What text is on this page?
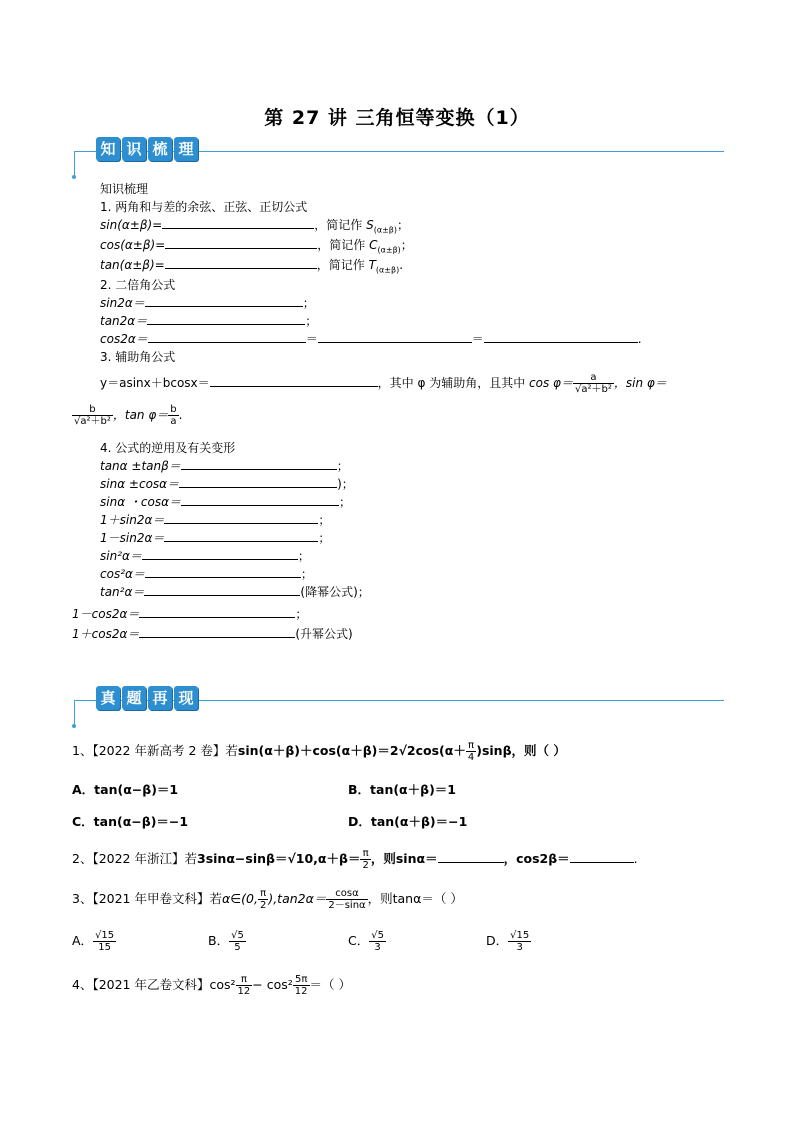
第 27 讲 三角恒等变换（1）
知 识 梳 理
知识梳理
1. 两角和与差的余弦、正弦、正切公式
sin(α±β)=	，简记作 $S_{(\alpha\pm\beta)}$；
cos(α±β)=	，简记作 $C_{(\alpha\pm\beta)}$；
tan(α±β)=	，简记作 $T_{(\alpha\pm\beta)}$.
2. 二倍角公式
sin2α＝	；
tan2α＝	；
cos2α＝	＝	＝	.
3. 辅助角公式
y＝asinx＋bcosx＝	，其中 φ 为辅助角，且其中 $\cos \varphi= \frac{a}{\text{√a²＋b²}}$ ，sin φ＝
$\frac{b}{\text{√a²＋b²}}$ ，$\tan \varphi= \frac{b}{a}$ .
4. 公式的逆用及有关变形
tanα ±tanβ＝	；
sinα ±cosα＝	)；
sinα ・cosα＝	；
1＋sin2α＝	；
1－sin2α＝	；
sin²α＝	；
cos²α＝	；
tan²α＝	(降幂公式)；
1－cos2α＝	；
1＋cos2α＝	(升幂公式)
真 题 再 现
1、【2022 年新高考 2 卷】若$\sin(\alpha+\beta)+\cos(\alpha+\beta)=2√2\cos(\alpha+ \frac{\pi}{4} )\sin\beta$，则（ ）
A．tan(α−β)＝1	B．tan(α＋β)＝1
C．tan(α−β)＝−1	D．tan(α＋β)＝−1
2、【2022 年浙江】若$3\sin\alpha-\sin\beta=√10,\alpha+\beta= \frac{\pi}{2}$ ，则sinα＝	，cos2β＝	.
3、【2021 年甲卷文科】若α∈(0, $\frac{\pi}{2} ),\tan 2\alpha= \frac{\cos\alpha}{2-\sin\alpha}$ ，则tanα＝（ ）
A． $\frac{√15}{15}$	B． $\frac{√5}{5}$	C． $\frac{√5}{3}$	D． $\frac{√15}{3}$
4、【2021 年乙卷文科】$\cos^2 \frac{\pi}{12} - \cos^2 \frac{5\pi}{12}$ ＝（ ）
